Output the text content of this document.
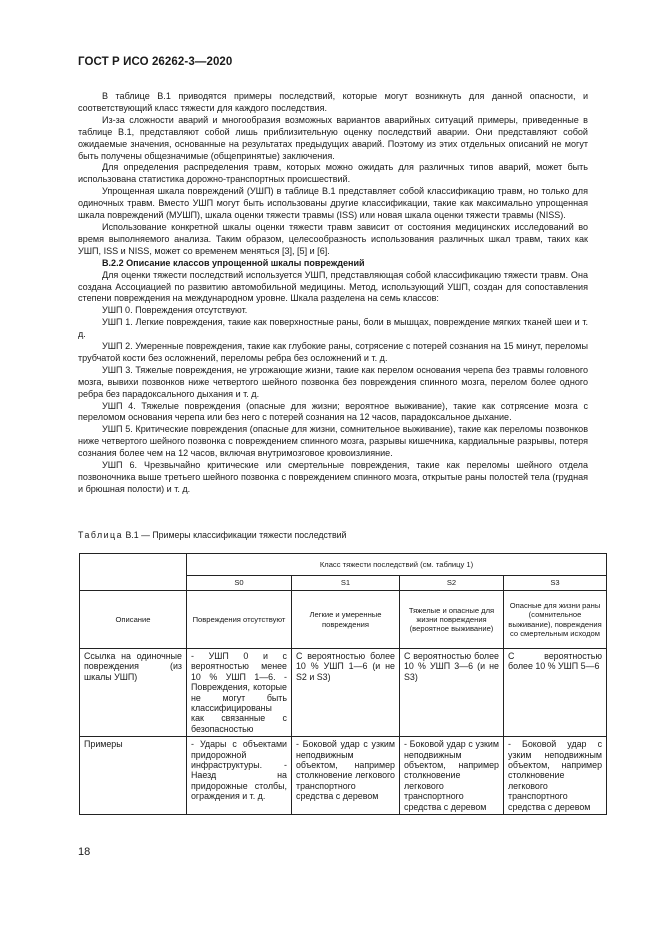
ГОСТ Р ИСО 26262-3—2020

В таблице В.1 приводятся примеры последствий, которые могут возникнуть для данной опасности, и соответствующий класс тяжести для каждого последствия.

Из-за сложности аварий и многообразия возможных вариантов аварийных ситуаций примеры, приведенные в таблице В.1, представляют собой лишь приблизительную оценку последствий аварии. Они представляют собой ожидаемые значения, основанные на результатах предыдущих аварий. Поэтому из этих отдельных описаний не могут быть получены общезначимые (общепринятые) заключения.

Для определения распределения травм, которых можно ожидать для различных типов аварий, может быть использована статистика дорожно-транспортных происшествий.

Упрощенная шкала повреждений (УШП) в таблице В.1 представляет собой классификацию травм, но только для одиночных травм. Вместо УШП могут быть использованы другие классификации, такие как максимально упрощенная шкала повреждений (МУШП), шкала оценки тяжести травмы (ISS) или новая шкала оценки тяжести травмы (NISS).

Использование конкретной шкалы оценки тяжести травм зависит от состояния медицинских исследований во время выполняемого анализа. Таким образом, целесообразность использования различных шкал травм, таких как УШП, ISS и NISS, может со временем меняться [3], [5] и [6].

В.2.2 Описание классов упрощенной шкалы повреждений

Для оценки тяжести последствий используется УШП, представляющая собой классификацию тяжести травм. Она создана Ассоциацией по развитию автомобильной медицины. Метод, использующий УШП, создан для сопоставления степени повреждения на международном уровне. Шкала разделена на семь классов:

УШП 0. Повреждения отсутствуют.

УШП 1. Легкие повреждения, такие как поверхностные раны, боли в мышцах, повреждение мягких тканей шеи и т. д.

УШП 2. Умеренные повреждения, такие как глубокие раны, сотрясение с потерей сознания на 15 минут, переломы трубчатой кости без осложнений, переломы ребра без осложнений и т. д.

УШП 3. Тяжелые повреждения, не угрожающие жизни, такие как перелом основания черепа без травмы головного мозга, вывихи позвонков ниже четвертого шейного позвонка без повреждения спинного мозга, перелом более одного ребра без парадоксального дыхания и т. д.

УШП 4. Тяжелые повреждения (опасные для жизни; вероятное выживание), такие как сотрясение мозга с переломом основания черепа или без него с потерей сознания на 12 часов, парадоксальное дыхание.

УШП 5. Критические повреждения (опасные для жизни, сомнительное выживание), такие как переломы позвонков ниже четвертого шейного позвонка с повреждением спинного мозга, разрывы кишечника, кардиальные разрывы, потеря сознания более чем на 12 часов, включая внутримозговое кровоизлияние.

УШП 6. Чрезвычайно критические или смертельные повреждения, такие как переломы шейного отдела позвоночника выше третьего шейного позвонка с повреждением спинного мозга, открытые раны полостей тела (грудная и брюшная полости) и т. д.

Таблица В.1 — Примеры классификации тяжести последствий
	Класс тяжести последствий (см. таблицу 1)			
	S0	S1	S2	S3
Описание	Повреждения отсутствуют	Легкие и умеренные повреждения	Тяжелые и опасные для жизни повреждения (вероятное выживание)	Опасные для жизни раны (сомнительное выживание), повреждения со смертельным исходом
Ссылка на одиночные повреждения (из шкалы УШП)	- УШП 0 и с вероятностью менее 10 % УШП 1—6. - Повреждения, которые не могут быть классифицированы как связанные с безопасностью	С вероятностью более 10 % УШП 1—6 (и не S2 и S3)	С вероятностью более 10 % УШП 3—6 (и не S3)	С вероятностью более 10 % УШП 5—6
Примеры	- Удары с объектами придорожной инфраструктуры. - Наезд на придорожные столбы, ограждения и т. д.	- Боковой удар с узким неподвижным объектом, например столкновение легкового транспортного средства с деревом	- Боковой удар с узким неподвижным объектом, например столкновение легкового транспортного средства с деревом	- Боковой удар с узким неподвижным объектом, например столкновение легкового транспортного средства с деревом
18
